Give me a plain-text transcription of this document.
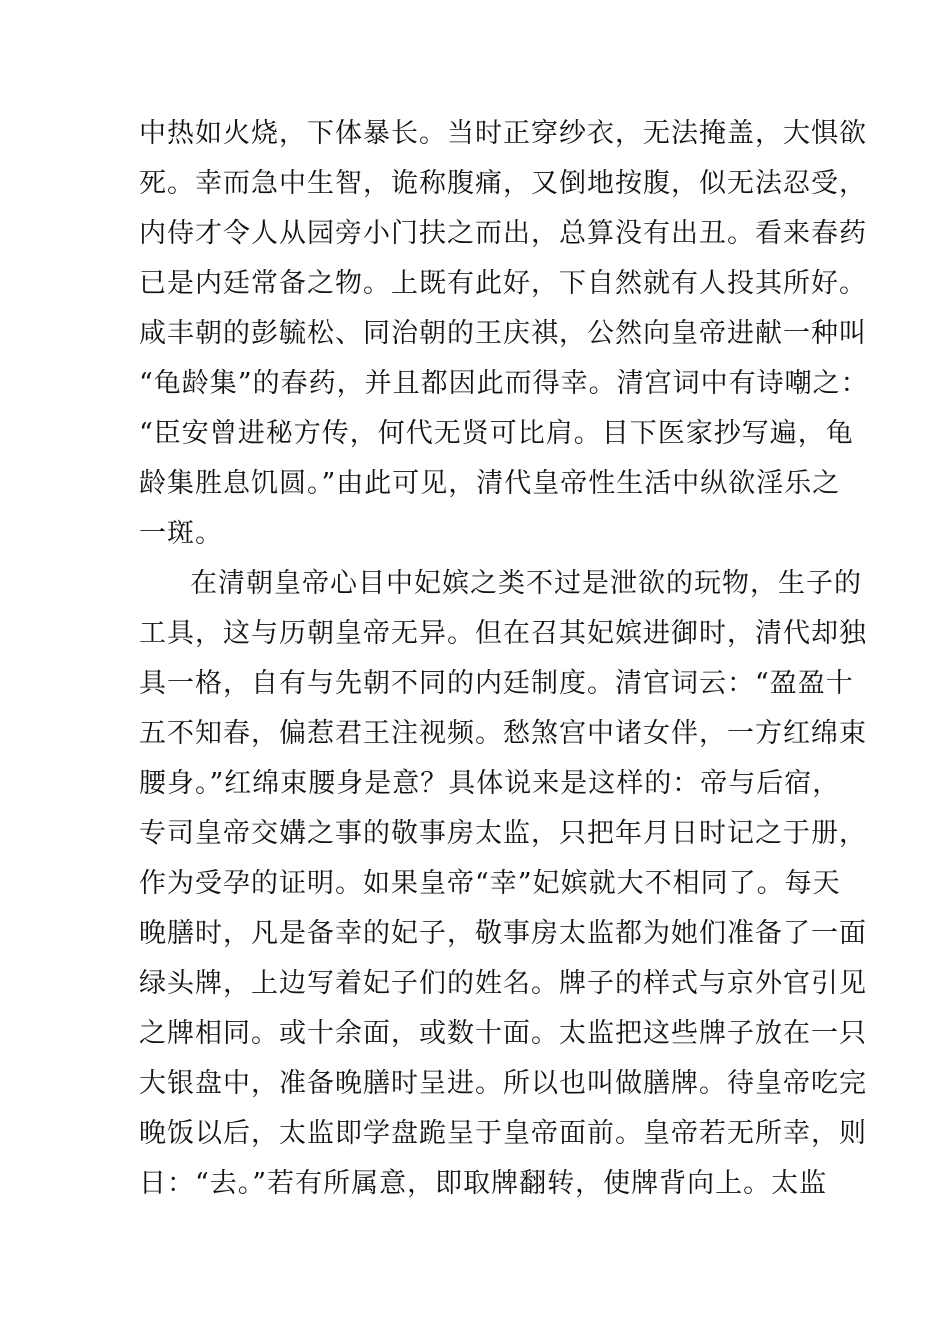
中热如火烧，下体暴长。当时正穿纱衣，无法掩盖，大惧欲
死。幸而急中生智，诡称腹痛，又倒地按腹，似无法忍受，
内侍才令人从园旁小门扶之而出，总算没有出丑。看来春药
已是内廷常备之物。上既有此好，下自然就有人投其所好。
咸丰朝的彭毓松、同治朝的王庆祺，公然向皇帝进献一种叫
“龟龄集”的春药，并且都因此而得幸。清宫词中有诗嘲之：
“臣安曾进秘方传，何代无贤可比肩。目下医家抄写遍，龟
龄集胜息饥圆。”由此可见，清代皇帝性生活中纵欲淫乐之
一斑。
在清朝皇帝心目中妃嫔之类不过是泄欲的玩物，生子的
工具，这与历朝皇帝无异。但在召其妃嫔进御时，清代却独
具一格，自有与先朝不同的内廷制度。清官词云：“盈盈十
五不知春，偏惹君王注视频。愁煞宫中诸女伴，一方红绵束
腰身。”红绵束腰身是意？具体说来是这样的：帝与后宿，
专司皇帝交媾之事的敬事房太监，只把年月日时记之于册，
作为受孕的证明。如果皇帝“幸”妃嫔就大不相同了。每天
晚膳时，凡是备幸的妃子，敬事房太监都为她们准备了一面
绿头牌，上边写着妃子们的姓名。牌子的样式与京外官引见
之牌相同。或十余面，或数十面。太监把这些牌子放在一只
大银盘中，准备晚膳时呈进。所以也叫做膳牌。待皇帝吃完
晚饭以后，太监即学盘跪呈于皇帝面前。皇帝若无所幸，则
日：“去。”若有所属意，即取牌翻转，使牌背向上。太监
